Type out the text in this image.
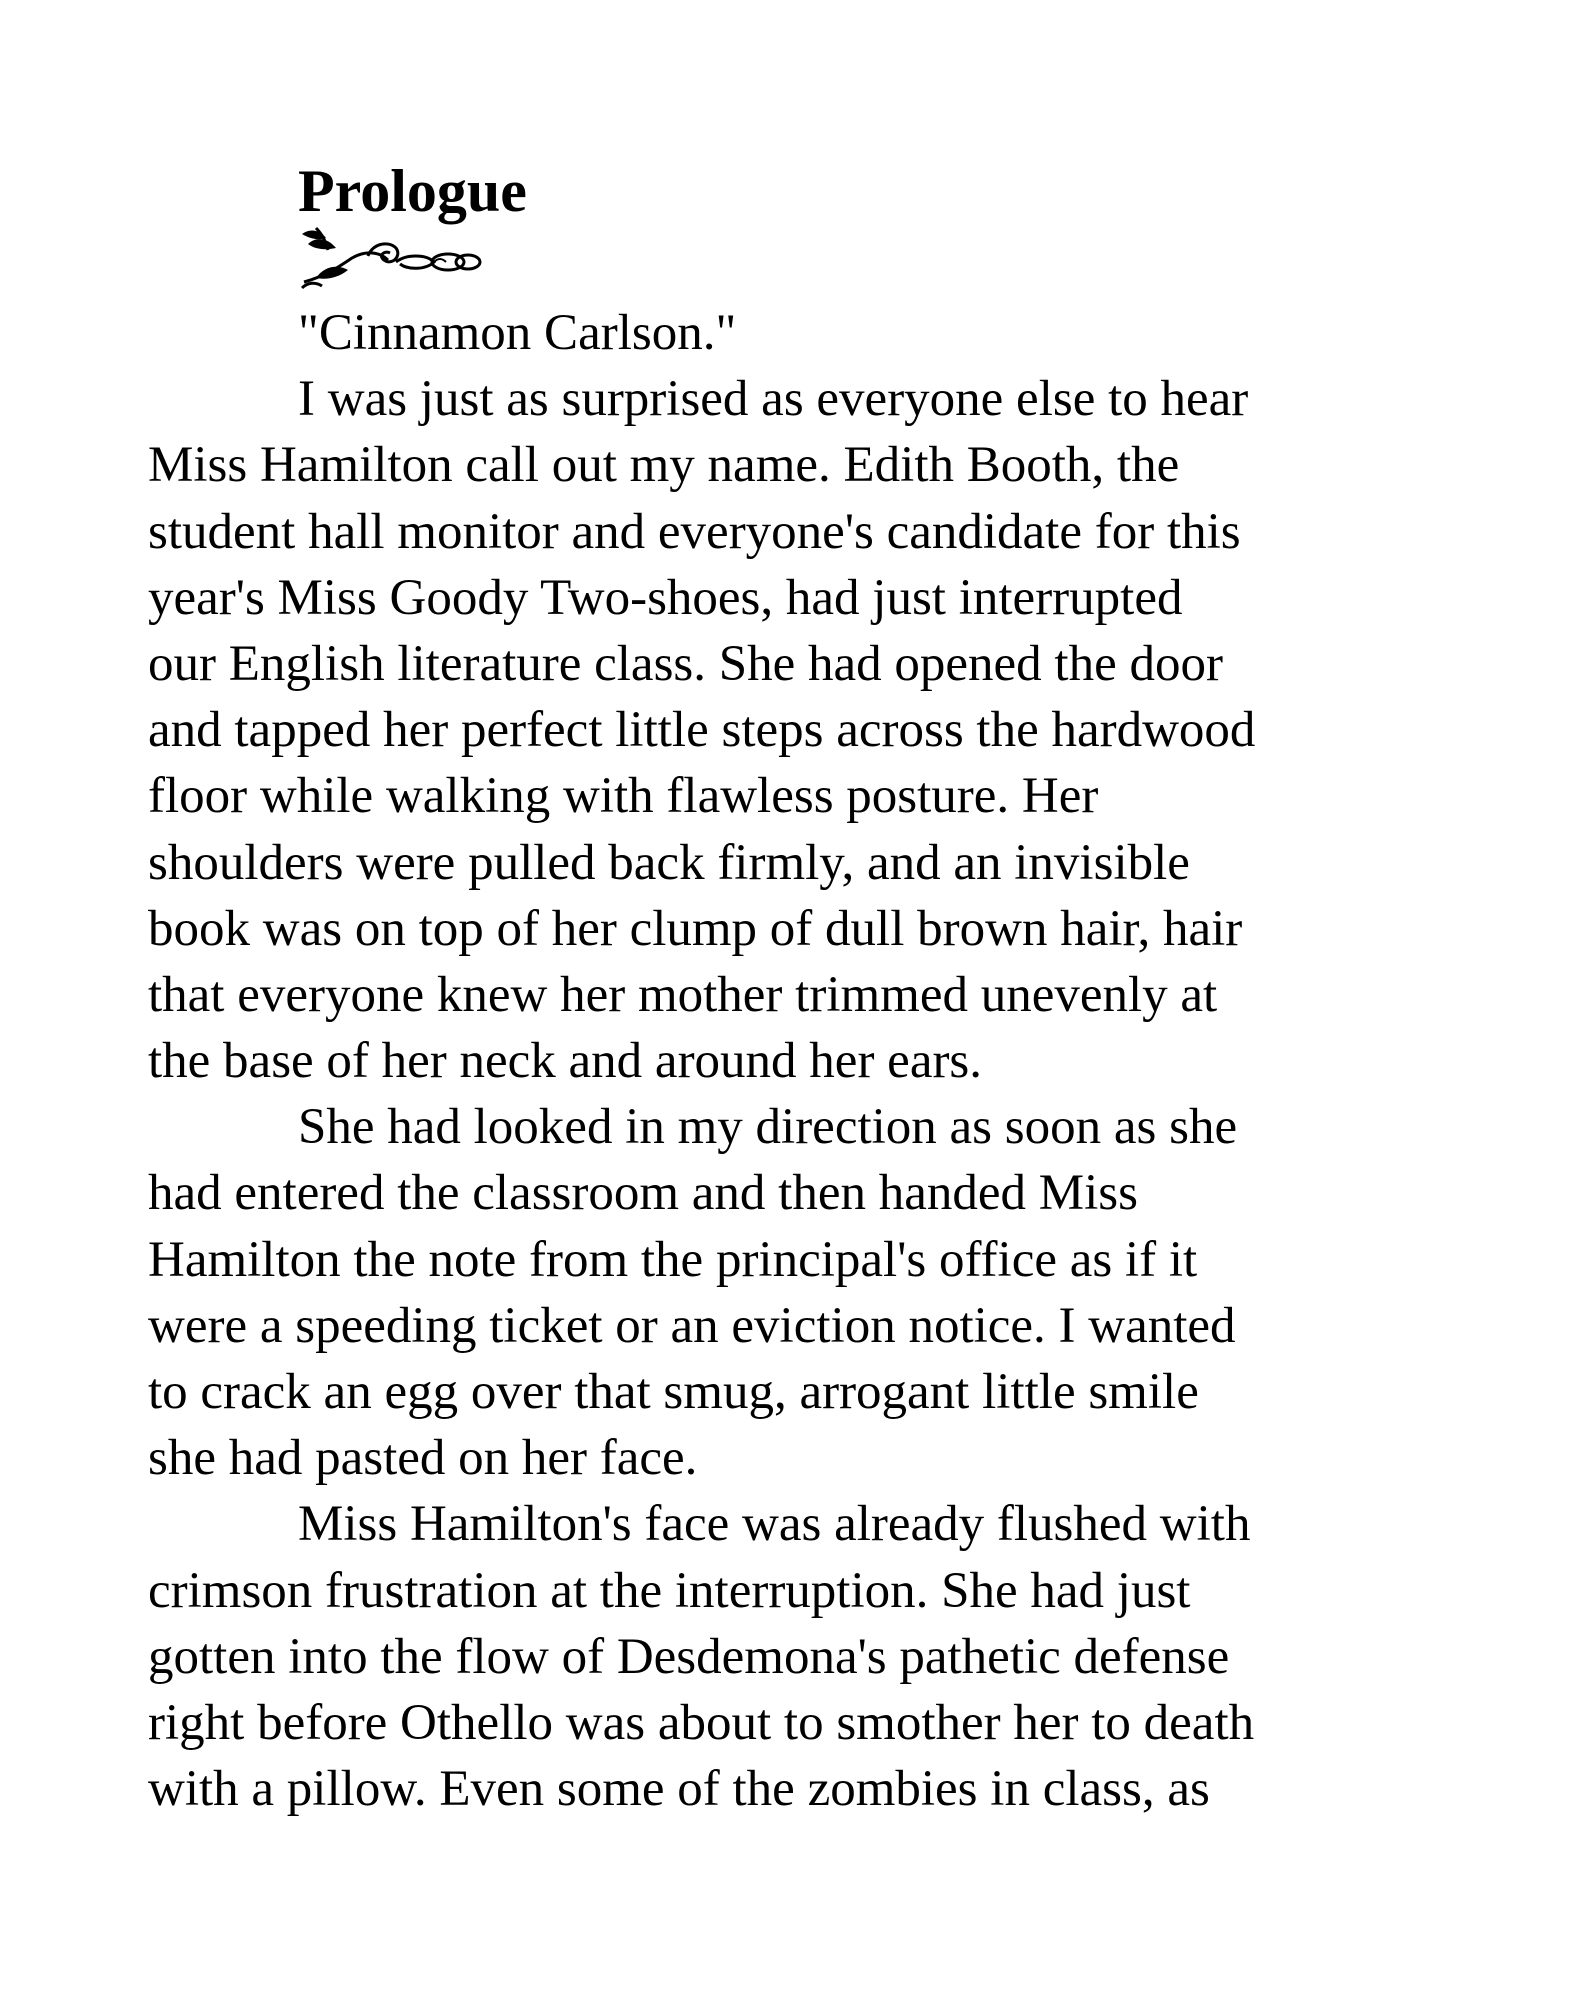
Prologue
"Cinnamon Carlson."
I was just as surprised as everyone else to hear
Miss Hamilton call out my name. Edith Booth, the
student hall monitor and everyone's candidate for this
year's Miss Goody Two-shoes, had just interrupted
our English literature class. She had opened the door
and tapped her perfect little steps across the hardwood
floor while walking with flawless posture. Her
shoulders were pulled back firmly, and an invisible
book was on top of her clump of dull brown hair, hair
that everyone knew her mother trimmed unevenly at
the base of her neck and around her ears.
She had looked in my direction as soon as she
had entered the classroom and then handed Miss
Hamilton the note from the principal's office as if it
were a speeding ticket or an eviction notice. I wanted
to crack an egg over that smug, arrogant little smile
she had pasted on her face.
Miss Hamilton's face was already flushed with
crimson frustration at the interruption. She had just
gotten into the flow of Desdemona's pathetic defense
right before Othello was about to smother her to death
with a pillow. Even some of the zombies in class, as
